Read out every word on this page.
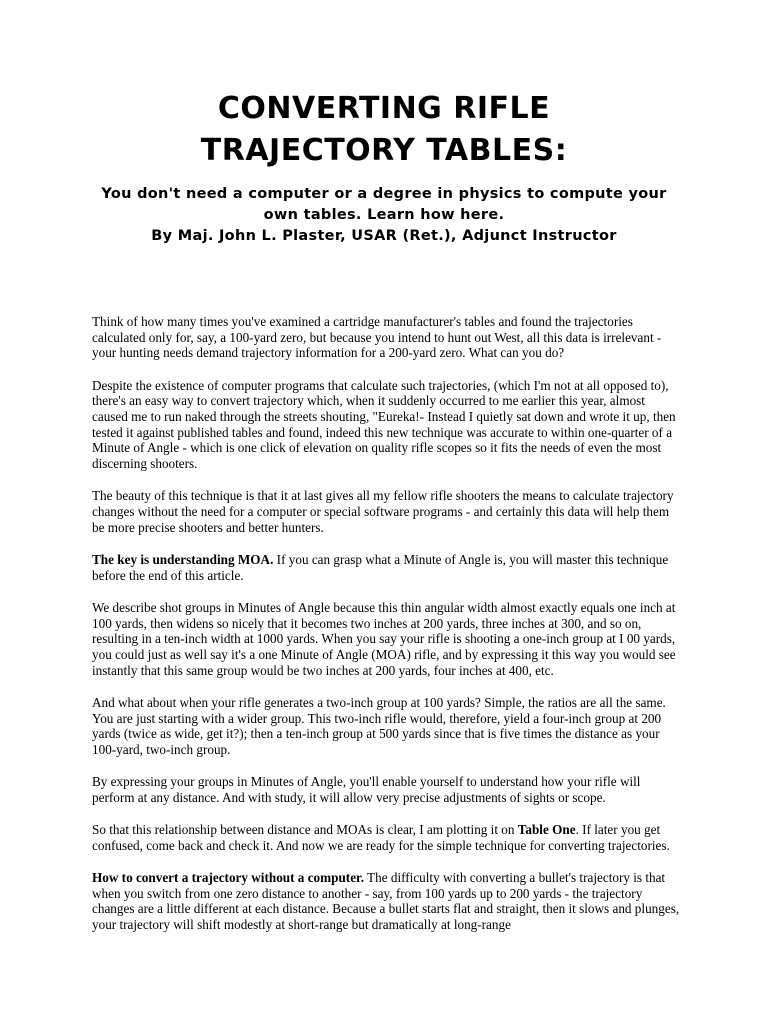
CONVERTING RIFLE
TRAJECTORY TABLES:
You don't need a computer or a degree in physics to compute your
own tables. Learn how here.
By Maj. John L. Plaster, USAR (Ret.), Adjunct Instructor

Think of how many times you've examined a cartridge manufacturer's tables and found the trajectories calculated only for, say, a 100-yard zero, but because you intend to hunt out West, all this data is irrelevant - your hunting needs demand trajectory information for a 200-yard zero. What can you do?

Despite the existence of computer programs that calculate such trajectories, (which I'm not at all opposed to), there's an easy way to convert trajectory which, when it suddenly occurred to me earlier this year, almost caused me to run naked through the streets shouting, "Eureka!- Instead I quietly sat down and wrote it up, then tested it against published tables and found, indeed this new technique was accurate to within one-quarter of a Minute of Angle - which is one click of elevation on quality rifle scopes so it fits the needs of even the most discerning shooters.

The beauty of this technique is that it at last gives all my fellow rifle shooters the means to calculate trajectory changes without the need for a computer or special software programs - and certainly this data will help them be more precise shooters and better hunters.

The key is understanding MOA. If you can grasp what a Minute of Angle is, you will master this technique before the end of this article.

We describe shot groups in Minutes of Angle because this thin angular width almost exactly equals one inch at 100 yards, then widens so nicely that it becomes two inches at 200 yards, three inches at 300, and so on, resulting in a ten-inch width at 1000 yards. When you say your rifle is shooting a one-inch group at I 00 yards, you could just as well say it's a one Minute of Angle (MOA) rifle, and by expressing it this way you would see instantly that this same group would be two inches at 200 yards, four inches at 400, etc.

And what about when your rifle generates a two-inch group at 100 yards? Simple, the ratios are all the same. You are just starting with a wider group. This two-inch rifle would, therefore, yield a four-inch group at 200 yards (twice as wide, get it?); then a ten-inch group at 500 yards since that is five times the distance as your 100-yard, two-inch group.

By expressing your groups in Minutes of Angle, you'll enable yourself to understand how your rifle will perform at any distance. And with study, it will allow very precise adjustments of sights or scope.

So that this relationship between distance and MOAs is clear, I am plotting it on Table One. If later you get confused, come back and check it. And now we are ready for the simple technique for converting trajectories.

How to convert a trajectory without a computer. The difficulty with converting a bullet's trajectory is that when you switch from one zero distance to another - say, from 100 yards up to 200 yards - the trajectory changes are a little different at each distance. Because a bullet starts flat and straight, then it slows and plunges, your trajectory will shift modestly at short-range but dramatically at long-range
